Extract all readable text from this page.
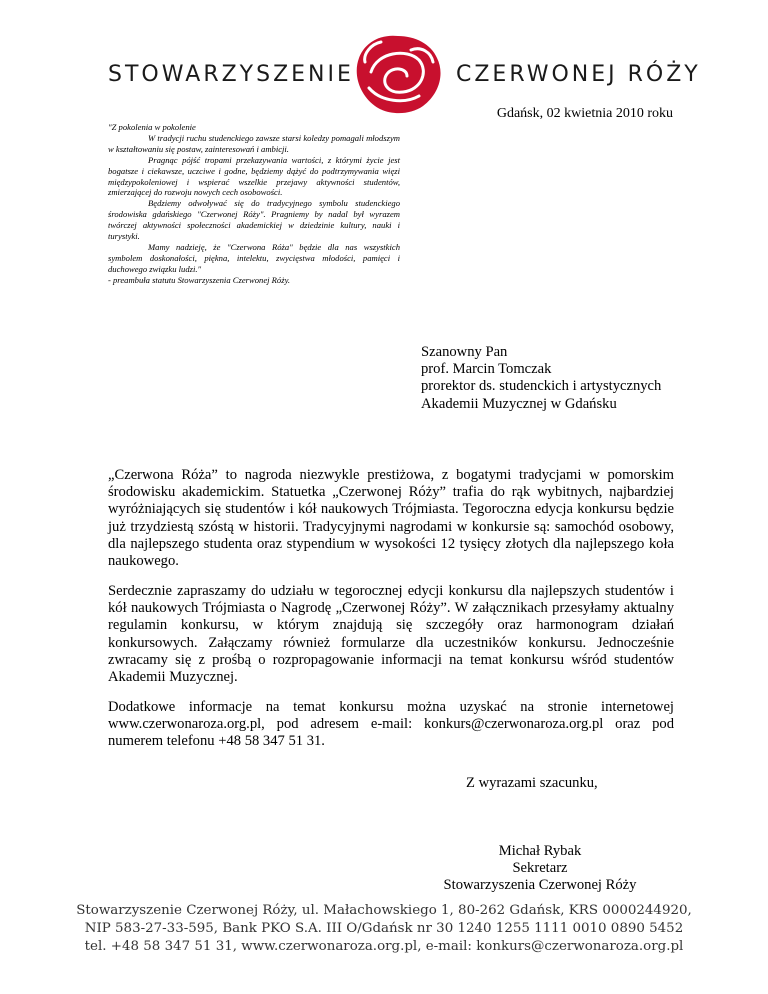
STOWARZYSZENIE	CZERWONEJ RÓŻY
Gdańsk, 02 kwietnia 2010 roku

"Z pokolenia w pokolenie

W tradycji ruchu studenckiego zawsze starsi koledzy pomagali młodszym w kształtowaniu się postaw, zainteresowań i ambicji.

Pragnąc pójść tropami przekazywania wartości, z którymi życie jest bogatsze i ciekawsze, uczciwe i godne, będziemy dążyć do podtrzymywania więzi międzypokoleniowej i wspierać wszelkie przejawy aktywności studentów, zmierzającej do rozwoju nowych cech osobowości.

Będziemy odwoływać się do tradycyjnego symbolu studenckiego środowiska gdańskiego "Czerwonej Róży". Pragniemy by nadal był wyrazem twórczej aktywności społeczności akademickiej w dziedzinie kultury, nauki i turystyki.

Mamy nadzieję, że "Czerwona Róża" będzie dla nas wszystkich symbolem doskonałości, piękna, intelektu, zwycięstwa młodości, pamięci i duchowego związku ludzi."

- preambuła statutu Stowarzyszenia Czerwonej Róży.

Szanowny Pan
prof. Marcin Tomczak
prorektor ds. studenckich i artystycznych
Akademii Muzycznej w Gdańsku

„Czerwona Róża” to nagroda niezwykle prestiżowa, z bogatymi tradycjami w pomorskim środowisku akademickim. Statuetka „Czerwonej Róży” trafia do rąk wybitnych, najbardziej wyróżniających się studentów i kół naukowych Trójmiasta. Tegoroczna edycja konkursu będzie już trzydziestą szóstą w historii. Tradycyjnymi nagrodami w konkursie są: samochód osobowy, dla najlepszego studenta oraz stypendium w wysokości 12 tysięcy złotych dla najlepszego koła naukowego.

Serdecznie zapraszamy do udziału w tegorocznej edycji konkursu dla najlepszych studentów i kół naukowych Trójmiasta o Nagrodę „Czerwonej Róży”. W załącznikach przesyłamy aktualny regulamin konkursu, w którym znajdują się szczegóły oraz harmonogram działań konkursowych. Załączamy również formularze dla uczestników konkursu. Jednocześnie zwracamy się z prośbą o rozpropagowanie informacji na temat konkursu wśród studentów Akademii Muzycznej.

Dodatkowe informacje na temat konkursu można uzyskać na stronie internetowej www.czerwonaroza.org.pl, pod adresem e-mail: konkurs@czerwonaroza.org.pl oraz pod numerem telefonu +48 58 347 51 31.

Z wyrazami szacunku,
Michał Rybak
Sekretarz
Stowarzyszenia Czerwonej Róży
Stowarzyszenie Czerwonej Róży, ul. Małachowskiego 1, 80-262 Gdańsk, KRS 0000244920,
NIP 583-27-33-595, Bank PKO S.A. III O/Gdańsk nr 30 1240 1255 1111 0010 0890 5452
tel. +48 58 347 51 31, www.czerwonaroza.org.pl, e-mail: konkurs@czerwonaroza.org.pl
